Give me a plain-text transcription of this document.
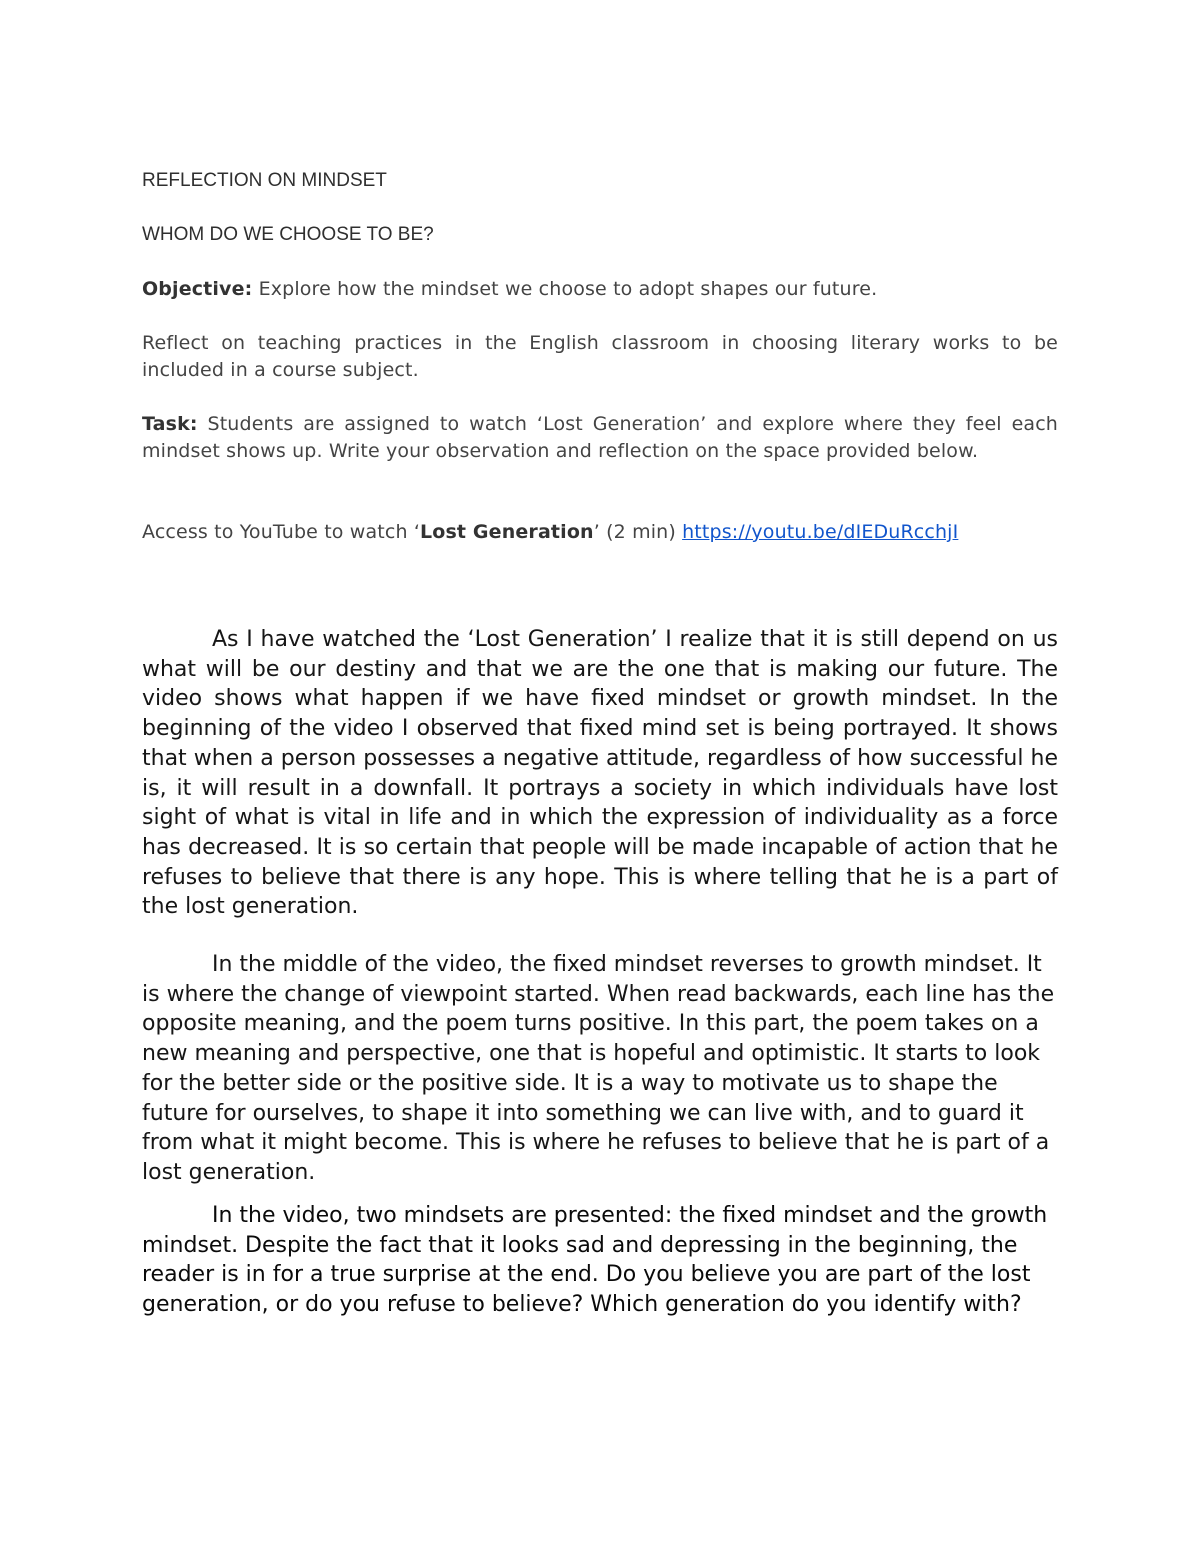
REFLECTION ON MINDSET

WHOM DO WE CHOOSE TO BE?

Objective: Explore how the mindset we choose to adopt shapes our future.

Reflect on teaching practices in the English classroom in choosing literary works to be included in a course subject.

Task: Students are assigned to watch ‘Lost Generation’ and explore where they feel each mindset shows up. Write your observation and reflection on the space provided below.

Access to YouTube to watch ‘Lost Generation’ (2 min) https://youtu.be/dIEDuRcchjI

As I have watched the ‘Lost Generation’ I realize that it is still depend on us what will be our destiny and that we are the one that is making our future. The video shows what happen if we have fixed mindset or growth mindset. In the beginning of the video I observed that fixed mind set is being portrayed. It shows that when a person possesses a negative attitude, regardless of how successful he is, it will result in a downfall. It portrays a society in which individuals have lost sight of what is vital in life and in which the expression of individuality as a force has decreased. It is so certain that people will be made incapable of action that he refuses to believe that there is any hope. This is where telling that he is a part of the lost generation.

In the middle of the video, the fixed mindset reverses to growth mindset. It is where the change of viewpoint started. When read backwards, each line has the opposite meaning, and the poem turns positive. In this part, the poem takes on a new meaning and perspective, one that is hopeful and optimistic. It starts to look for the better side or the positive side. It is a way to motivate us to shape the future for ourselves, to shape it into something we can live with, and to guard it from what it might become. This is where he refuses to believe that he is part of a lost generation.

In the video, two mindsets are presented: the fixed mindset and the growth mindset. Despite the fact that it looks sad and depressing in the beginning, the reader is in for a true surprise at the end. Do you believe you are part of the lost generation, or do you refuse to believe? Which generation do you identify with?
